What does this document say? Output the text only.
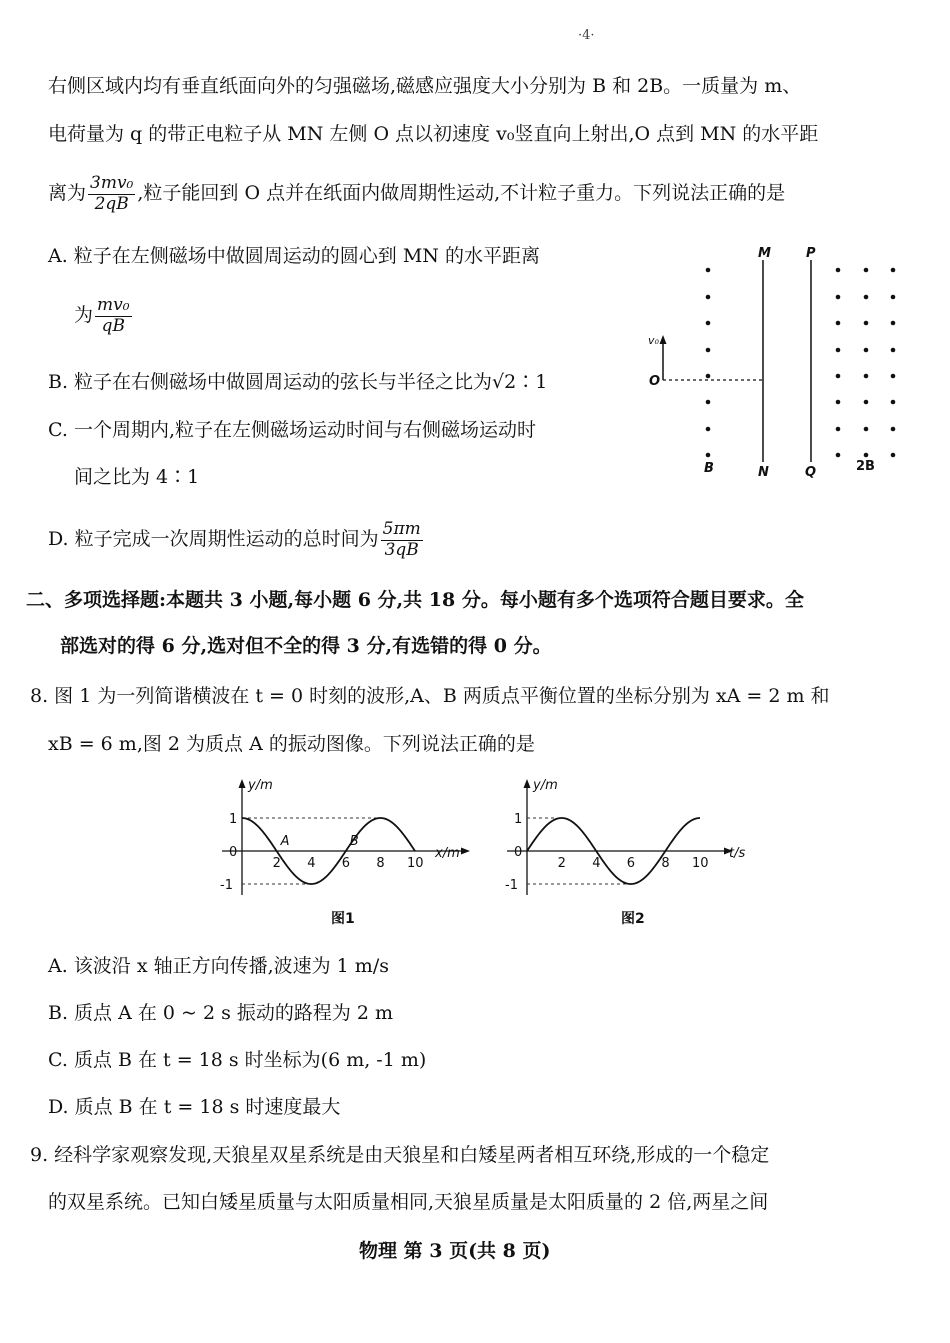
·4·
右侧区域内均有垂直纸面向外的匀强磁场,磁感应强度大小分别为 B 和 2B。一质量为 m、
电荷量为 q 的带正电粒子从 MN 左侧 O 点以初速度 v₀竖直向上射出,O 点到 MN 的水平距
离为 $\frac{\text{3mv₀}}{2qB}$ ,粒子能回到 O 点并在纸面内做周期性运动,不计粒子重力。下列说法正确的是
A. 粒子在左侧磁场中做圆周运动的圆心到 MN 的水平距离
为 $\frac{\text{mv₀}}{qB}$
B. 粒子在右侧磁场中做圆周运动的弦长与半径之比为√2∶1
C. 一个周期内,粒子在左侧磁场运动时间与右侧磁场运动时
间之比为 4∶1
D. 粒子完成一次周期性运动的总时间为 $\frac{5\pi m}{3qB}$
M	P
N	Q
B	2B
O
v₀
二、多项选择题:本题共 3 小题,每小题 6 分,共 18 分。每小题有多个选项符合题目要求。全
部选对的得 6 分,选对但不全的得 3 分,有选错的得 0 分。
8. 图 1 为一列简谐横波在 t = 0 时刻的波形,A、B 两质点平衡位置的坐标分别为 xA = 2 m 和
xB = 6 m,图 2 为质点 A 的振动图像。下列说法正确的是
2 4 6 8 10
y/m
x/m
1
0
-1
A	B
图1
2 4 6 8 10
y/m
t/s
1
0
-1
图2
A. 该波沿 x 轴正方向传播,波速为 1 m/s
B. 质点 A 在 0 ~ 2 s 振动的路程为 2 m
C. 质点 B 在 t = 18 s 时坐标为(6 m, -1 m)
D. 质点 B 在 t = 18 s 时速度最大
9. 经科学家观察发现,天狼星双星系统是由天狼星和白矮星两者相互环绕,形成的一个稳定
的双星系统。已知白矮星质量与太阳质量相同,天狼星质量是太阳质量的 2 倍,两星之间
物理 第 3 页(共 8 页)
